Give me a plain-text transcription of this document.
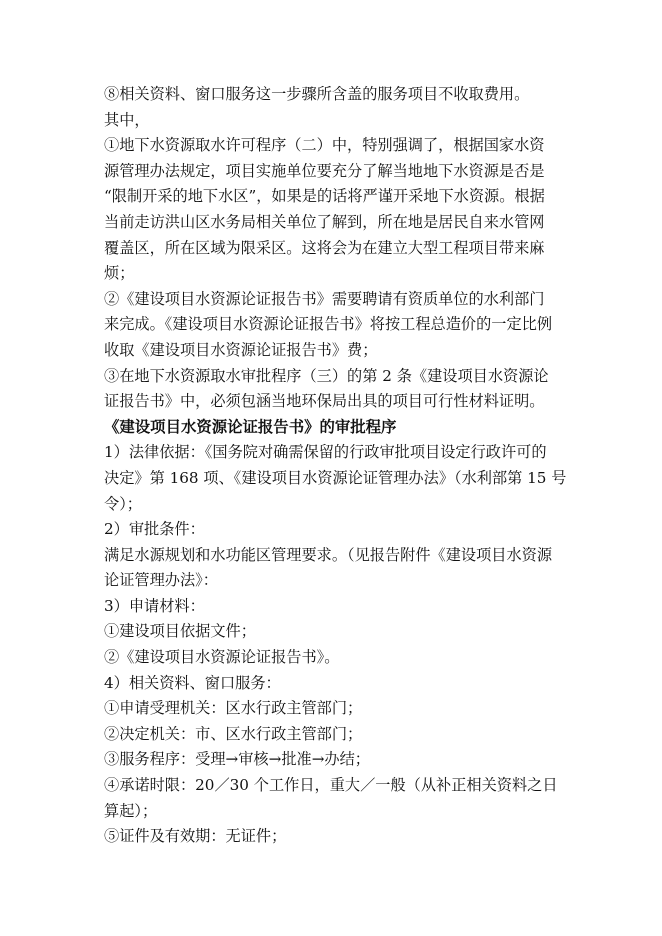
⑧相关资料、窗口服务这一步骤所含盖的服务项目不收取费用。

其中，

①地下水资源取水许可程序（二）中，特别强调了，根据国家水资

源管理办法规定，项目实施单位要充分了解当地地下水资源是否是

“限制开采的地下水区”，如果是的话将严谨开采地下水资源。根据

当前走访洪山区水务局相关单位了解到，所在地是居民自来水管网

覆盖区，所在区域为限采区。这将会为在建立大型工程项目带来麻

烦；

②《建设项目水资源论证报告书》需要聘请有资质单位的水利部门

来完成。《建设项目水资源论证报告书》将按工程总造价的一定比例

收取《建设项目水资源论证报告书》费；

③在地下水资源取水审批程序（三）的第 2 条《建设项目水资源论

证报告书》中，必须包涵当地环保局出具的项目可行性材料证明。

《建设项目水资源论证报告书》的审批程序

1）法律依据：《国务院对确需保留的行政审批项目设定行政许可的

决定》第 168 项、《建设项目水资源论证管理办法》（水利部第 15 号

令）；

2）审批条件：

满足水源规划和水功能区管理要求。（见报告附件《建设项目水资源

论证管理办法》：

3）申请材料：

①建设项目依据文件；

②《建设项目水资源论证报告书》。

4）相关资料、窗口服务：

①申请受理机关：区水行政主管部门；

②决定机关：市、区水行政主管部门；

③服务程序：受理→审核→批准→办结；

④承诺时限：20／30 个工作日，重大／一般（从补正相关资料之日

算起）；

⑤证件及有效期：无证件；
